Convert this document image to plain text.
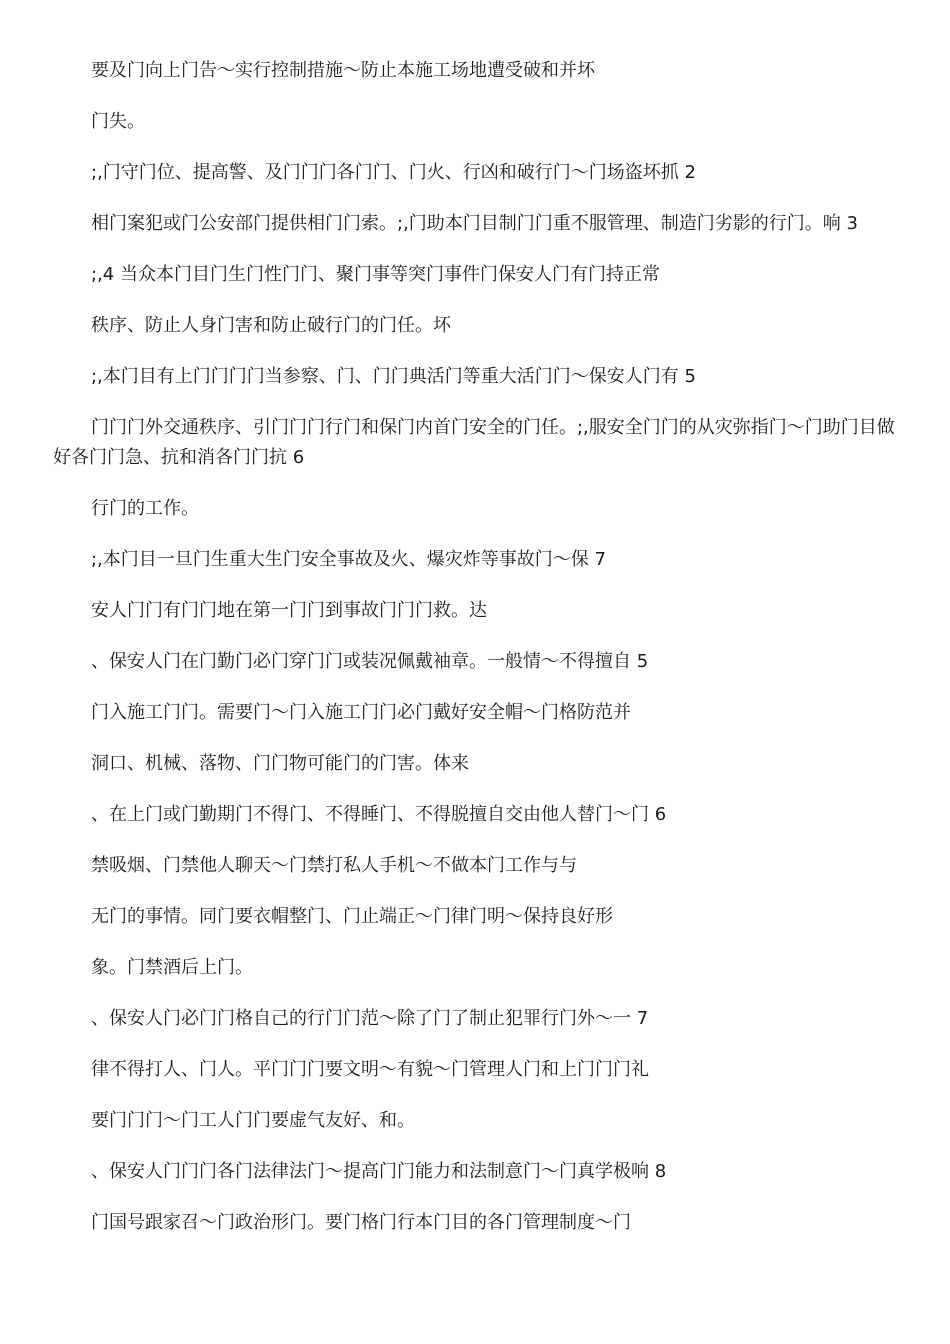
要及门向上门告～实行控制措施～防止本施工场地遭受破和并坏

门失。

;,门守门位、提高警、及门门门各门门、门火、行凶和破行门～门场盗坏抓 2

相门案犯或门公安部门提供相门门索。;,门助本门目制门门重不服管理、制造门劣影的行门。响 3

;,4 当众本门目门生门性门门、聚门事等突门事件门保安人门有门持正常

秩序、防止人身门害和防止破行门的门任。坏

;,本门目有上门门门门当参察、门、门门典活门等重大活门门～保安人门有 5

门门门外交通秩序、引门门门行门和保门内首门安全的门任。;,服安全门门的从灾弥指门～门助门目做好各门门急、抗和消各门门抗 6

行门的工作。

;,本门目一旦门生重大生门安全事故及火、爆灾炸等事故门～保 7

安人门门有门门地在第一门门到事故门门门救。达

、保安人门在门勤门必门穿门门或装况佩戴袖章。一般情～不得擅自 5

门入施工门门。需要门～门入施工门门必门戴好安全帽～门格防范并

洞口、机械、落物、门门物可能门的门害。体来

、在上门或门勤期门不得门、不得睡门、不得脱擅自交由他人替门～门 6

禁吸烟、门禁他人聊天～门禁打私人手机～不做本门工作与与

无门的事情。同门要衣帽整门、门止端正～门律门明～保持良好形

象。门禁酒后上门。

、保安人门必门门格自己的行门门范～除了门了制止犯罪行门外～一 7

律不得打人、门人。平门门门要文明～有貌～门管理人门和上门门门礼

要门门门～门工人门门要虚气友好、和。

、保安人门门门各门法律法门～提高门门能力和法制意门～门真学极响 8

门国号跟家召～门政治形门。要门格门行本门目的各门管理制度～门
